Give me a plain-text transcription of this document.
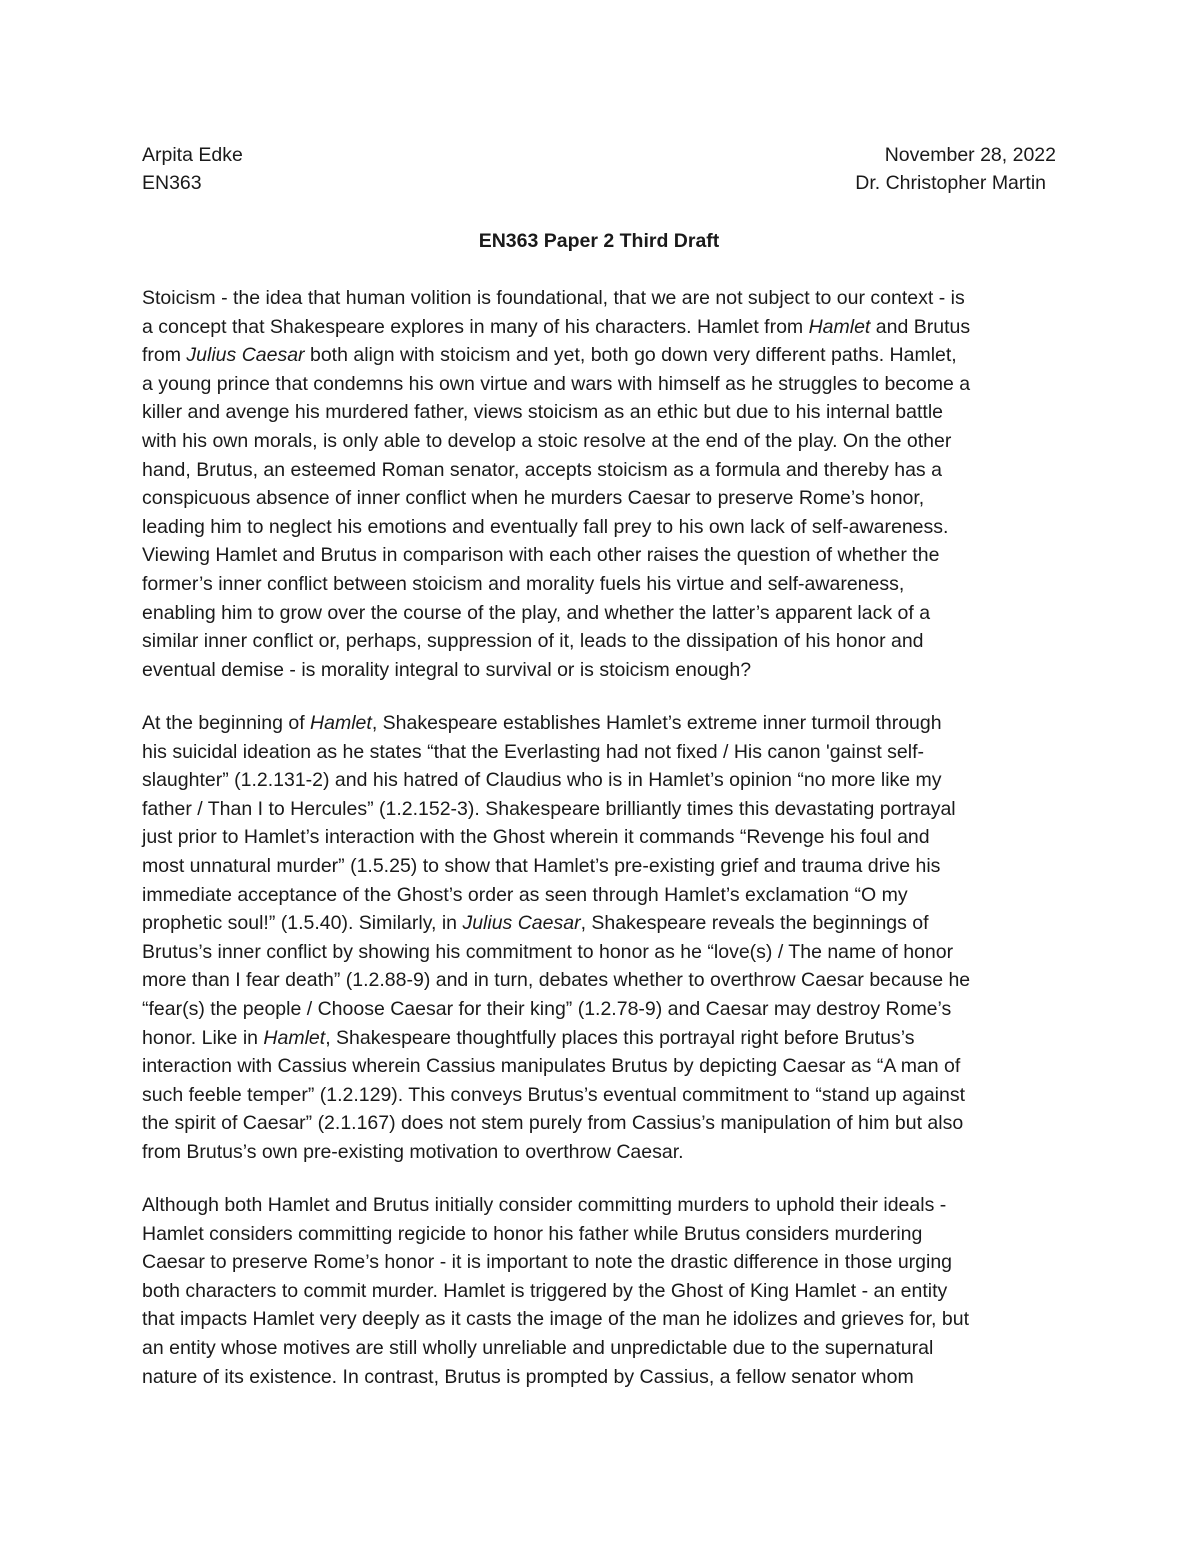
Arpita Edke	November 28, 2022
EN363	Dr. Christopher Martin
EN363 Paper 2 Third Draft
Stoicism - the idea that human volition is foundational, that we are not subject to our context - is
a concept that Shakespeare explores in many of his characters. Hamlet from Hamlet and Brutus
from Julius Caesar both align with stoicism and yet, both go down very different paths. Hamlet,
a young prince that condemns his own virtue and wars with himself as he struggles to become a
killer and avenge his murdered father, views stoicism as an ethic but due to his internal battle
with his own morals, is only able to develop a stoic resolve at the end of the play. On the other
hand, Brutus, an esteemed Roman senator, accepts stoicism as a formula and thereby has a
conspicuous absence of inner conflict when he murders Caesar to preserve Rome’s honor,
leading him to neglect his emotions and eventually fall prey to his own lack of self-awareness.
Viewing Hamlet and Brutus in comparison with each other raises the question of whether the
former’s inner conflict between stoicism and morality fuels his virtue and self-awareness,
enabling him to grow over the course of the play, and whether the latter’s apparent lack of a
similar inner conflict or, perhaps, suppression of it, leads to the dissipation of his honor and
eventual demise - is morality integral to survival or is stoicism enough?
At the beginning of Hamlet, Shakespeare establishes Hamlet’s extreme inner turmoil through
his suicidal ideation as he states “that the Everlasting had not fixed / His canon 'gainst self-
slaughter” (1.2.131-2) and his hatred of Claudius who is in Hamlet’s opinion “no more like my
father / Than I to Hercules” (1.2.152-3). Shakespeare brilliantly times this devastating portrayal
just prior to Hamlet’s interaction with the Ghost wherein it commands “Revenge his foul and
most unnatural murder” (1.5.25) to show that Hamlet’s pre-existing grief and trauma drive his
immediate acceptance of the Ghost’s order as seen through Hamlet’s exclamation “O my
prophetic soul!” (1.5.40). Similarly, in Julius Caesar, Shakespeare reveals the beginnings of
Brutus’s inner conflict by showing his commitment to honor as he “love(s) / The name of honor
more than I fear death” (1.2.88-9) and in turn, debates whether to overthrow Caesar because he
“fear(s) the people / Choose Caesar for their king” (1.2.78-9) and Caesar may destroy Rome’s
honor. Like in Hamlet, Shakespeare thoughtfully places this portrayal right before Brutus’s
interaction with Cassius wherein Cassius manipulates Brutus by depicting Caesar as “A man of
such feeble temper” (1.2.129). This conveys Brutus’s eventual commitment to “stand up against
the spirit of Caesar” (2.1.167) does not stem purely from Cassius’s manipulation of him but also
from Brutus’s own pre-existing motivation to overthrow Caesar.
Although both Hamlet and Brutus initially consider committing murders to uphold their ideals -
Hamlet considers committing regicide to honor his father while Brutus considers murdering
Caesar to preserve Rome’s honor - it is important to note the drastic difference in those urging
both characters to commit murder. Hamlet is triggered by the Ghost of King Hamlet - an entity
that impacts Hamlet very deeply as it casts the image of the man he idolizes and grieves for, but
an entity whose motives are still wholly unreliable and unpredictable due to the supernatural
nature of its existence. In contrast, Brutus is prompted by Cassius, a fellow senator whom
